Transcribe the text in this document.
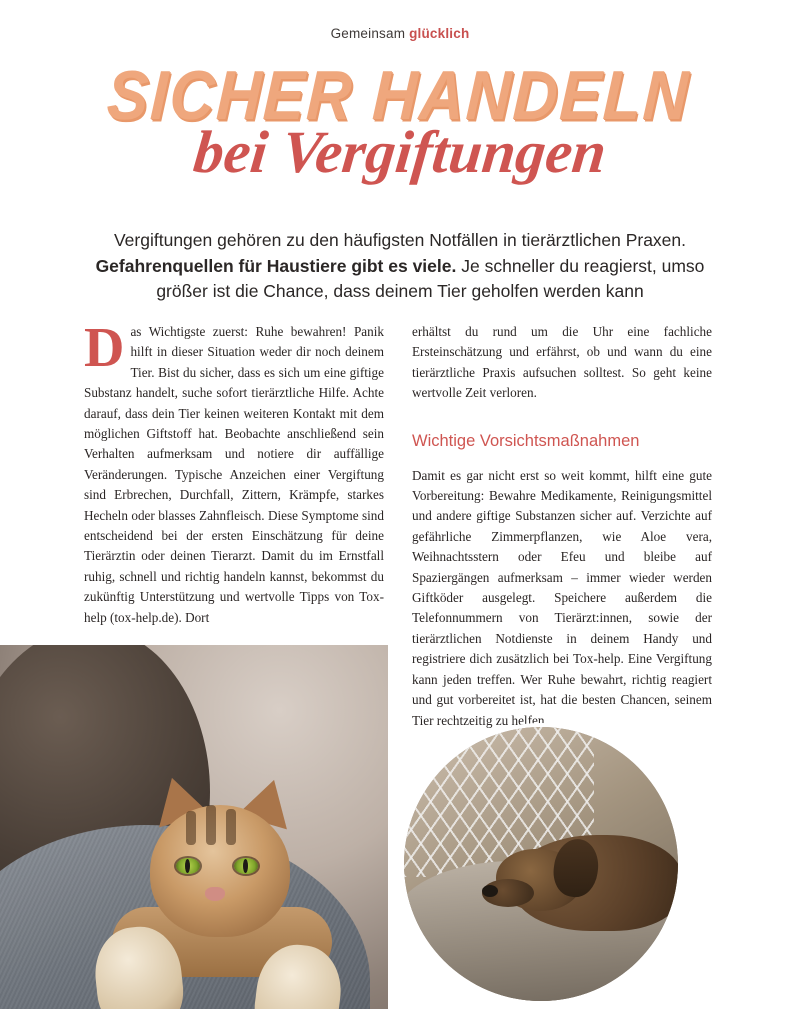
Gemeinsam glücklich
SICHER HANDELN
bei Vergiftungen
Vergiftungen gehören zu den häufigsten Notfällen in tierärztlichen Praxen. Gefahrenquellen für Haustiere gibt es viele. Je schneller du reagierst, umso größer ist die Chance, dass deinem Tier geholfen werden kann

Das Wichtigste zuerst: Ruhe bewahren! Panik hilft in dieser Situation weder dir noch deinem Tier. Bist du sicher, dass es sich um eine giftige Substanz handelt, suche sofort tierärztliche Hilfe. Achte darauf, dass dein Tier keinen weiteren Kontakt mit dem möglichen Giftstoff hat. Beobachte anschließend sein Verhalten aufmerksam und notiere dir auffällige Veränderungen. Typische Anzeichen einer Vergiftung sind Erbrechen, Durchfall, Zittern, Krämpfe, starkes Hecheln oder blasses Zahnfleisch. Diese Symptome sind entscheidend bei der ersten Einschätzung für deine Tierärztin oder deinen Tierarzt. Damit du im Ernstfall ruhig, schnell und richtig handeln kannst, bekommst du zukünftig Unterstützung und wertvolle Tipps von Tox-help (tox-help.de). Dort

erhältst du rund um die Uhr eine fachliche Ersteinschätzung und erfährst, ob und wann du eine tierärztliche Praxis aufsuchen solltest. So geht keine wertvolle Zeit verloren.

Wichtige Vorsichtsmaßnahmen

Damit es gar nicht erst so weit kommt, hilft eine gute Vorbereitung: Bewahre Medikamente, Reinigungsmittel und andere giftige Substanzen sicher auf. Verzichte auf gefährliche Zimmerpflanzen, wie Aloe vera, Weihnachtsstern oder Efeu und bleibe auf Spaziergängen aufmerksam – immer wieder werden Giftköder ausgelegt. Speichere außerdem die Telefonnummern von Tierärzt:innen, sowie der tierärztlichen Notdienste in deinem Handy und registriere dich zusätzlich bei Tox-help. Eine Vergiftung kann jeden treffen. Wer Ruhe bewahrt, richtig reagiert und gut vorbereitet ist, hat die besten Chancen, seinem Tier rechtzeitig zu helfen.
